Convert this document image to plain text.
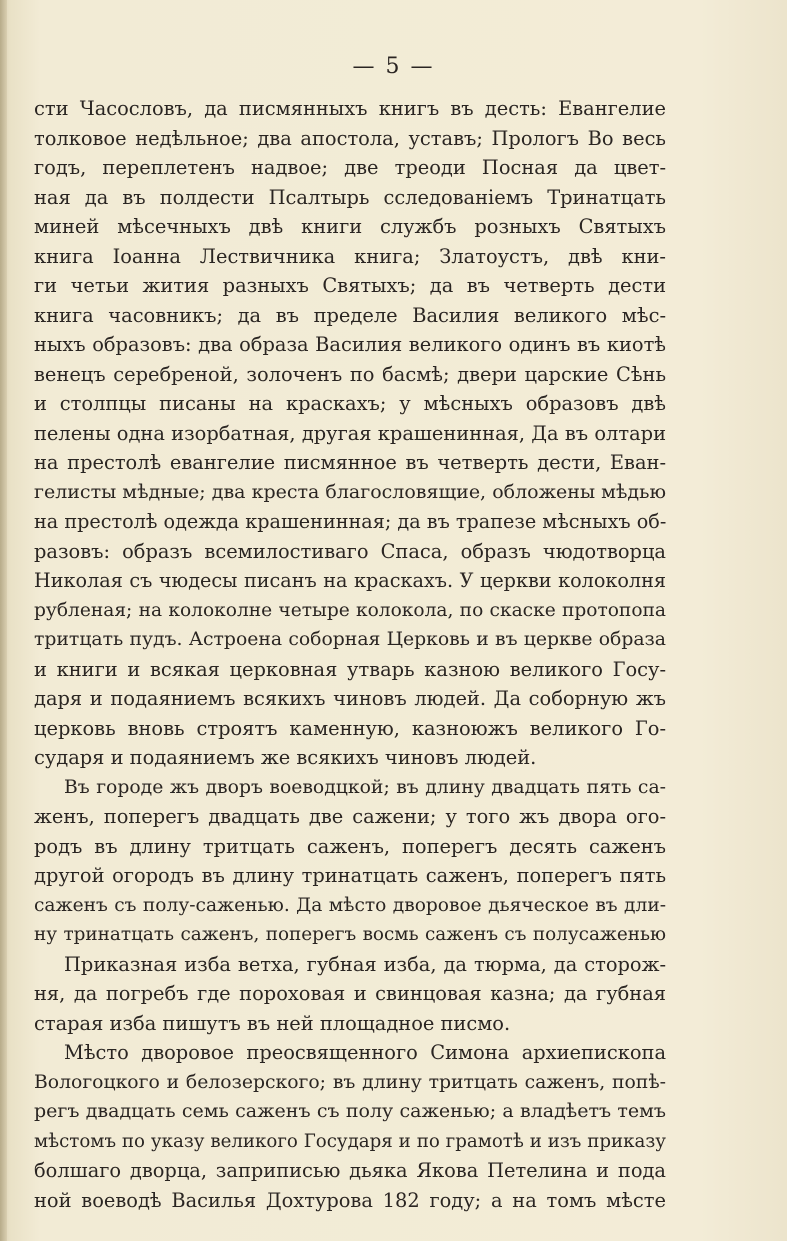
— 5 —
сти Часословъ, да писмянныхъ книгъ въ десть: Евангелие
толковое недѣльное; два апостола, уставъ; Прологъ Во весь
годъ, переплетенъ надвое; две треоди Посная да цвет-
ная да въ полдести Псалтырь сследованіемъ Тринатцать
миней мѣсечныхъ двѣ книги службъ розныхъ Святыхъ
книга Іоанна Лествичника книга; Златоустъ, двѣ кни-
ги четьи жития разныхъ Святыхъ; да въ четверть дести
книга часовникъ; да въ пределе Василия великого мѣс-
ныхъ образовъ: два образа Василия великого одинъ въ киотѣ
венецъ серебреной, золоченъ по басмѣ; двери царские Сѣнь
и столпцы писаны на краскахъ; у мѣсныхъ образовъ двѣ
пелены одна изорбатная, другая крашенинная, Да въ олтари
на престолѣ евангелие писмянное въ четверть дести, Еван-
гелисты мѣдные; два креста благословящие, обложены мѣдью
на престолѣ одежда крашенинная; да въ трапезе мѣсныхъ об-
разовъ: образъ всемилостиваго Спаса, образъ чюдотворца
Николая съ чюдесы писанъ на краскахъ. У церкви колоколня
рубленая; на колоколне четыре колокола, по скаске протопопа
тритцать пудъ. Астроена соборная Церковь и въ церкве образа
и книги и всякая церковная утварь казною великого Госу-
даря и подаяниемъ всякихъ чиновъ людей. Да соборную жъ
церковь вновь строятъ каменную, казноюжъ великого Го-
сударя и подаяниемъ же всякихъ чиновъ людей.
Въ городе жъ дворъ воеводцкой; въ длину двадцать пять са-
женъ, поперегъ двадцать две сажени; у того жъ двора ого-
родъ въ длину тритцать саженъ, поперегъ десять саженъ
другой огородъ въ длину тринатцать саженъ, поперегъ пять
саженъ съ полу-саженью. Да мѣсто дворовое дьяческое въ дли-
ну тринатцать саженъ, поперегъ восмь саженъ съ полусаженью
Приказная изба ветха, губная изба, да тюрма, да сторож-
ня, да погребъ где пороховая и свинцовая казна; да губная
старая изба пишутъ въ ней площадное писмо.
Мѣсто дворовое преосвященного Симона архиепископа
Вологоцкого и белозерского; въ длину тритцать саженъ, попѣ-
регъ двадцать семь саженъ съ полу саженью; а владѣетъ темъ
мѣстомъ по указу великого Государя и по грамотѣ и изъ приказу
болшаго дворца, заприписью дьяка Якова Петелина и пода
ной воеводѣ Василья Дохтурова 182 году; а на томъ мѣсте
